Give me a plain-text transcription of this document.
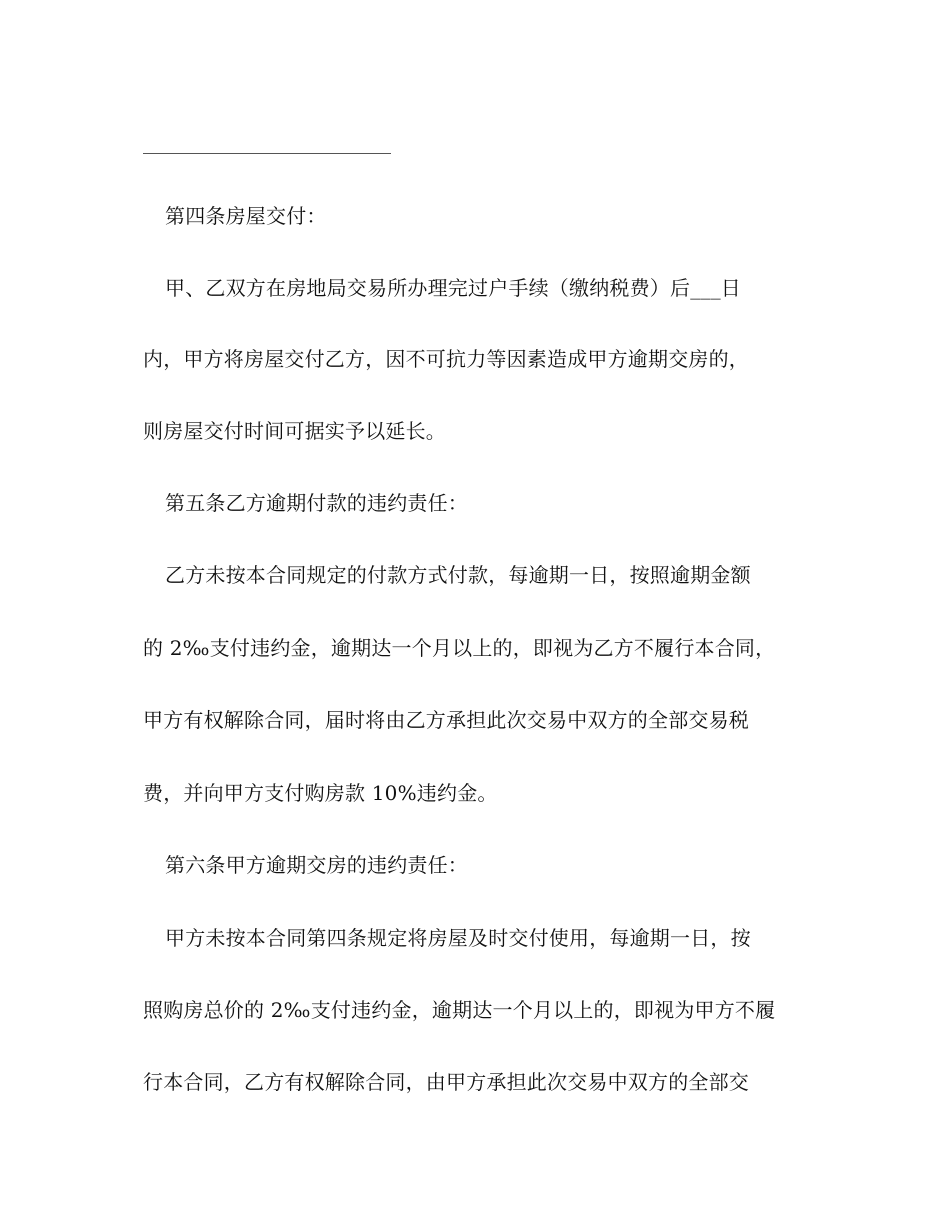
第四条房屋交付：
甲、乙双方在房地局交易所办理完过户手续（缴纳税费）后___日
内，甲方将房屋交付乙方，因不可抗力等因素造成甲方逾期交房的，
则房屋交付时间可据实予以延长。
第五条乙方逾期付款的违约责任：
乙方未按本合同规定的付款方式付款，每逾期一日，按照逾期金额
的 2‰支付违约金，逾期达一个月以上的，即视为乙方不履行本合同，
甲方有权解除合同，届时将由乙方承担此次交易中双方的全部交易税
费，并向甲方支付购房款 10%违约金。
第六条甲方逾期交房的违约责任：
甲方未按本合同第四条规定将房屋及时交付使用，每逾期一日，按
照购房总价的 2‰支付违约金，逾期达一个月以上的，即视为甲方不履
行本合同，乙方有权解除合同，由甲方承担此次交易中双方的全部交
